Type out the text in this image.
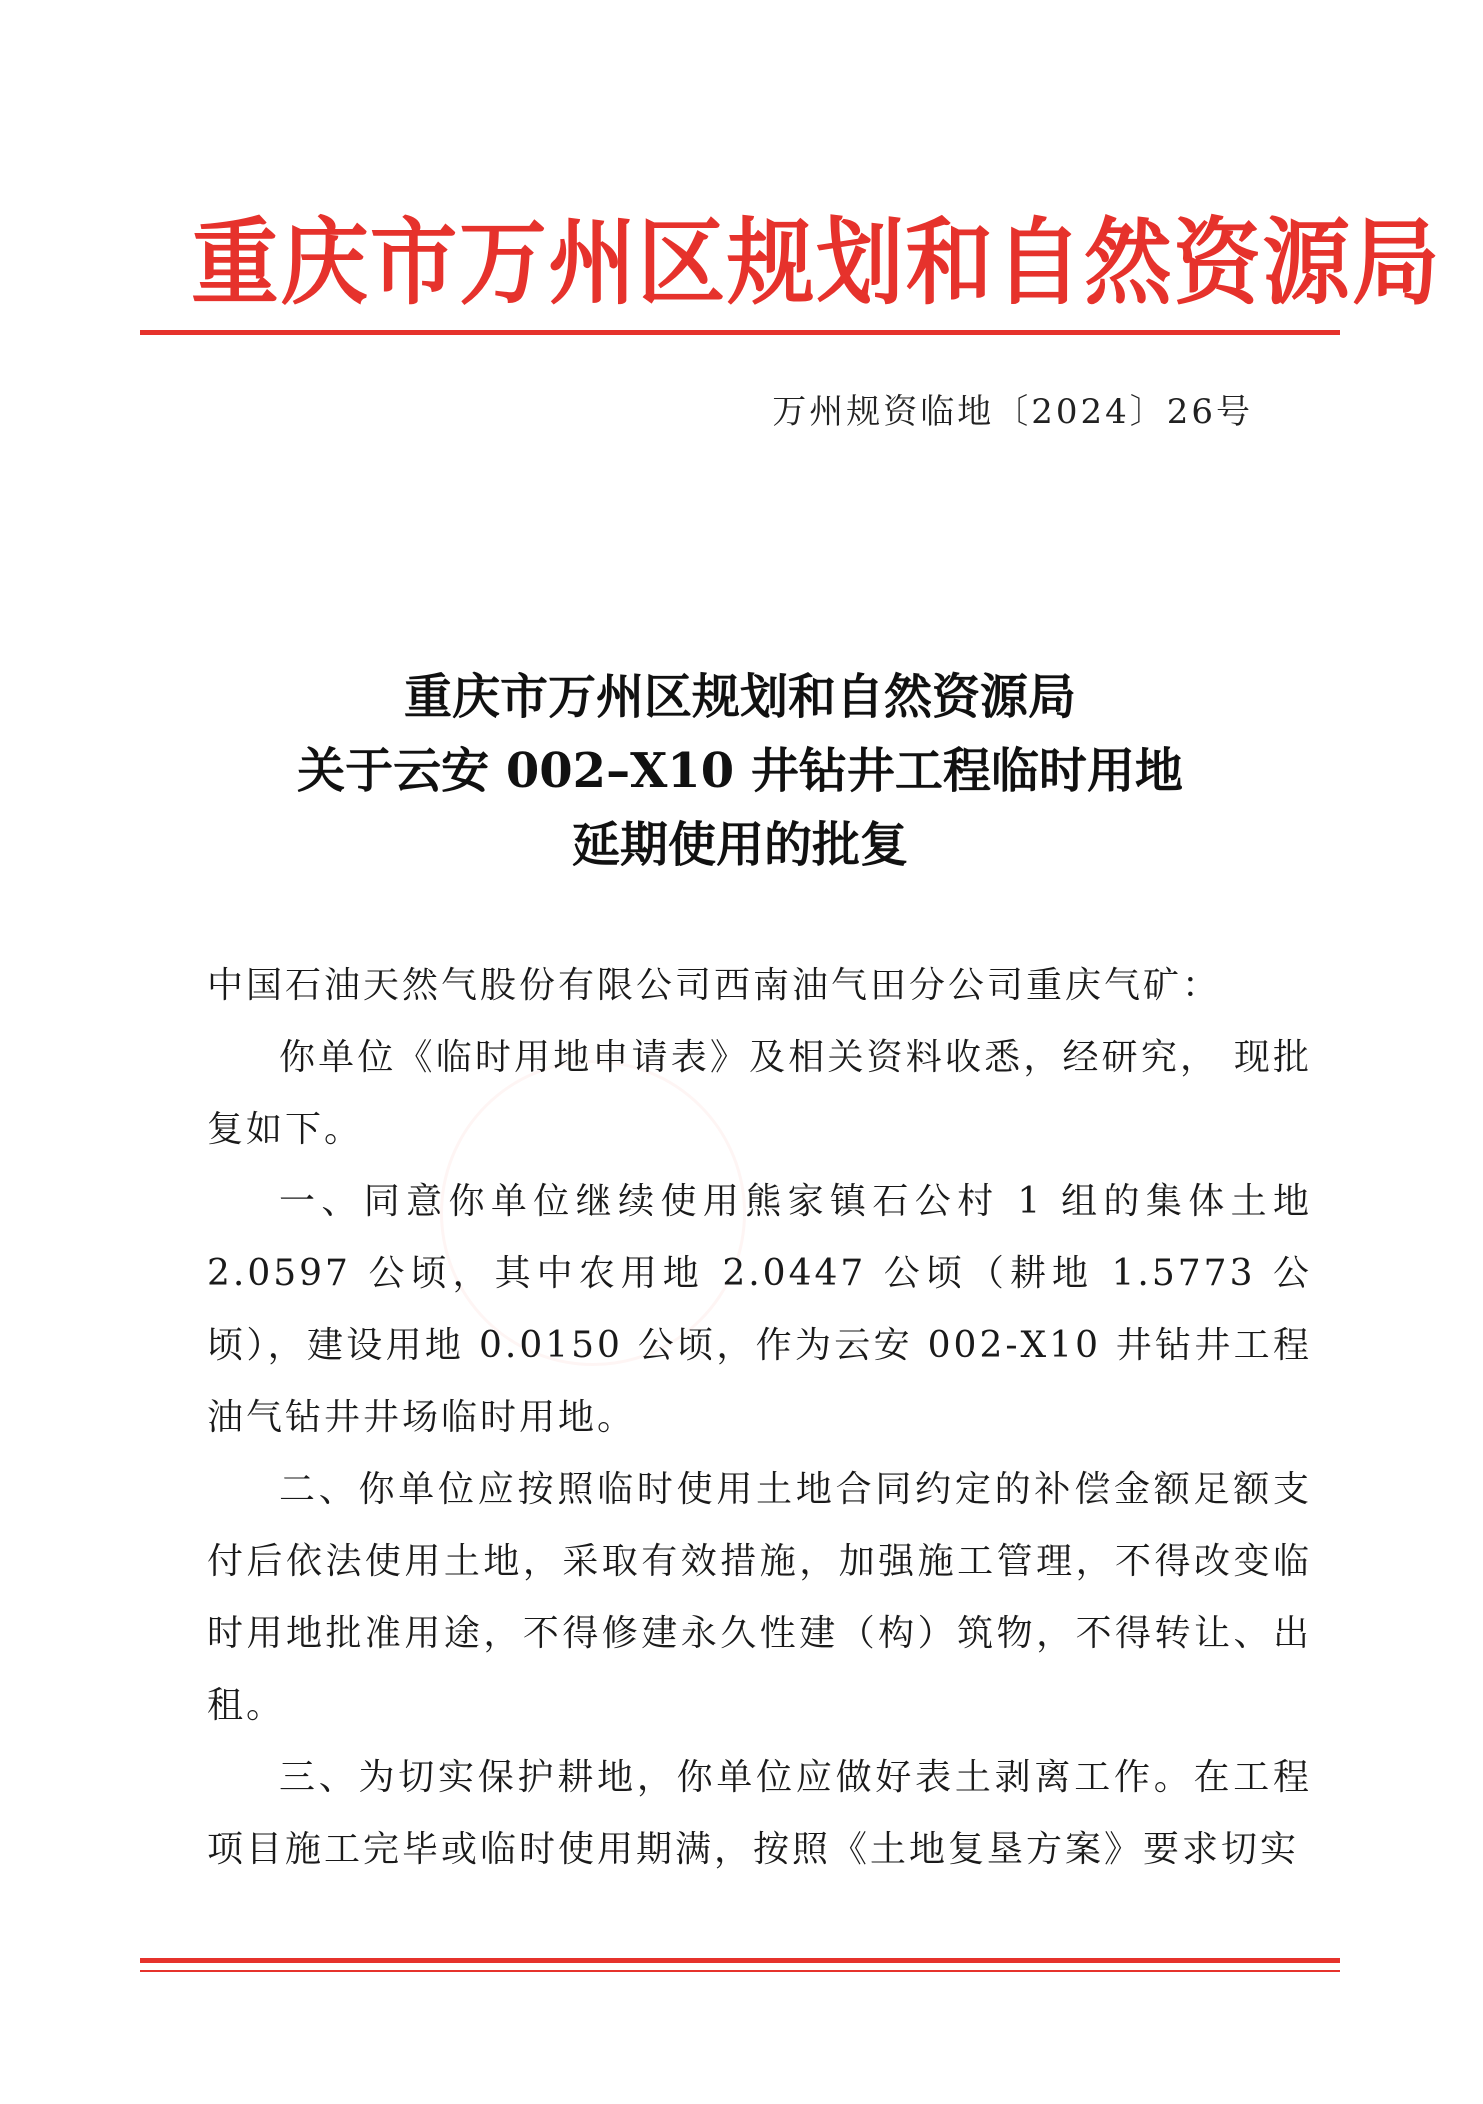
重庆市万州区规划和自然资源局
万州规资临地〔2024〕26号
重庆市万州区规划和自然资源局
关于云安 002–X10 井钻井工程临时用地
延期使用的批复

中国石油天然气股份有限公司西南油气田分公司重庆气矿：

你单位《临时用地申请表》及相关资料收悉，经研究， 现批复如下。

一、同意你单位继续使用熊家镇石公村 1 组的集体土地 2.0597 公顷，其中农用地 2.0447 公顷（耕地 1.5773 公顷），建设用地 0.0150 公顷，作为云安 002-X10 井钻井工程油气钻井井场临时用地。

二、你单位应按照临时使用土地合同约定的补偿金额足额支付后依法使用土地，采取有效措施，加强施工管理，不得改变临时用地批准用途，不得修建永久性建（构）筑物，不得转让、出租。

三、为切实保护耕地，你单位应做好表土剥离工作。在工程项目施工完毕或临时使用期满，按照《土地复垦方案》要求切实
